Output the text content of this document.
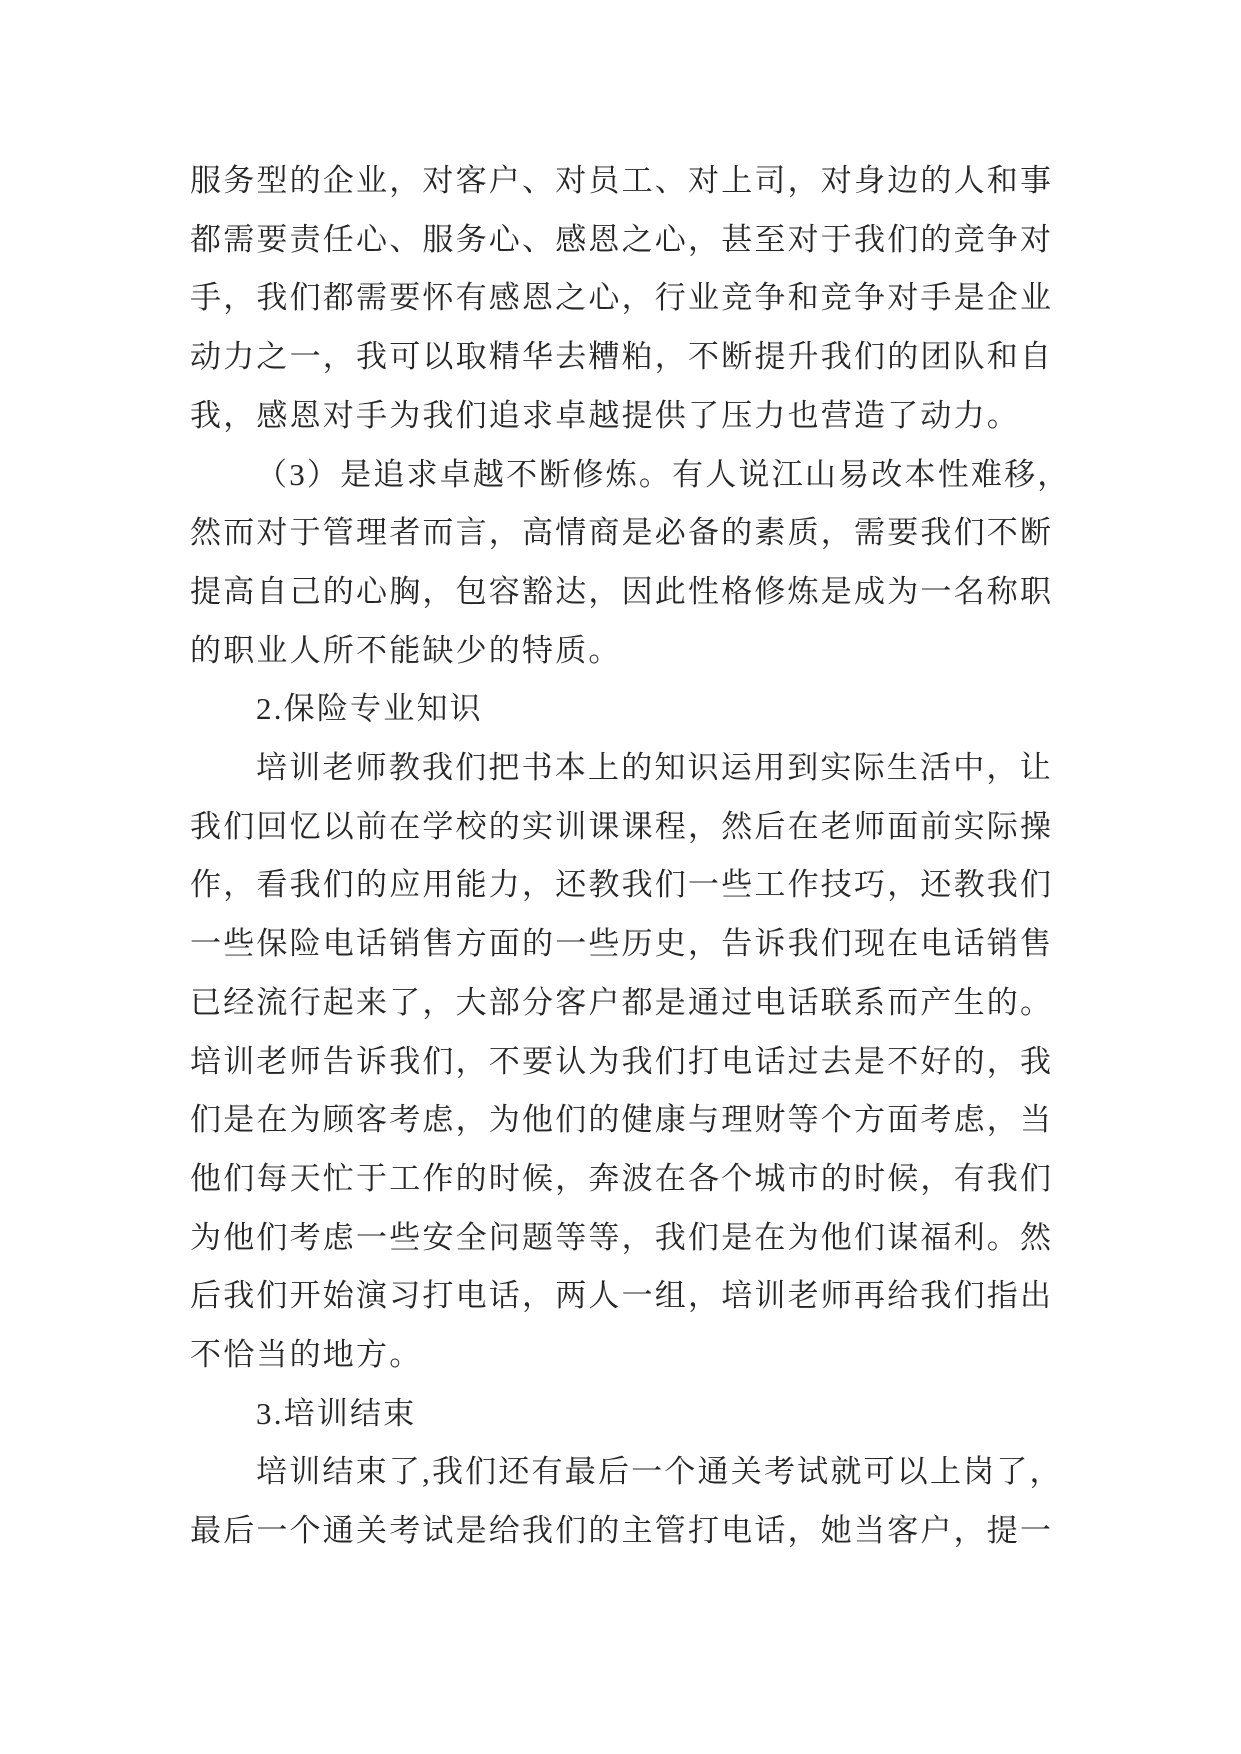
服务型的企业，对客户、对员工、对上司，对身边的人和事
都需要责任心、服务心、感恩之心，甚至对于我们的竞争对
手，我们都需要怀有感恩之心，行业竞争和竞争对手是企业
动力之一，我可以取精华去糟粕，不断提升我们的团队和自
我，感恩对手为我们追求卓越提供了压力也营造了动力。
（3）是追求卓越不断修炼。有人说江山易改本性难移，
然而对于管理者而言，高情商是必备的素质，需要我们不断
提高自己的心胸，包容豁达，因此性格修炼是成为一名称职
的职业人所不能缺少的特质。
2.保险专业知识
培训老师教我们把书本上的知识运用到实际生活中，让
我们回忆以前在学校的实训课课程，然后在老师面前实际操
作，看我们的应用能力，还教我们一些工作技巧，还教我们
一些保险电话销售方面的一些历史，告诉我们现在电话销售
已经流行起来了，大部分客户都是通过电话联系而产生的。
培训老师告诉我们，不要认为我们打电话过去是不好的，我
们是在为顾客考虑，为他们的健康与理财等个方面考虑，当
他们每天忙于工作的时候，奔波在各个城市的时候，有我们
为他们考虑一些安全问题等等，我们是在为他们谋福利。然
后我们开始演习打电话，两人一组，培训老师再给我们指出
不恰当的地方。
3.培训结束
培训结束了,我们还有最后一个通关考试就可以上岗了，
最后一个通关考试是给我们的主管打电话，她当客户，提一
